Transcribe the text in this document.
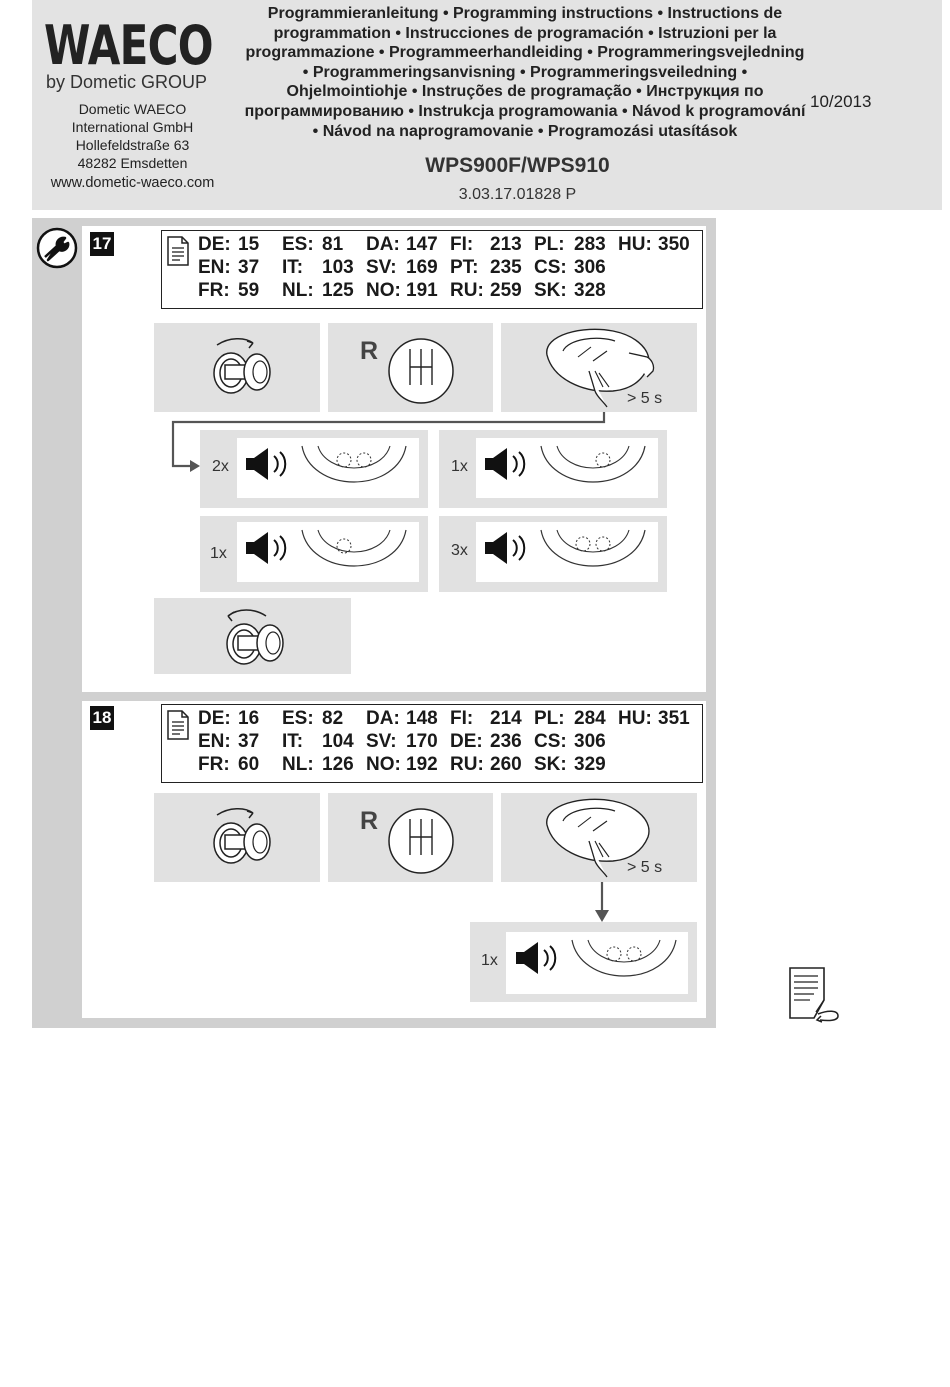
WAECO
by Dometic GROUP
Dometic WAECO
International GmbH
Hollefeldstraße 63
48282 Emsdetten
www.dometic-waeco.com
Programmieranleitung • Programming instructions • Instructions de
programmation • Instrucciones de programación • Istruzioni per la
programmazione • Programmeerhandleiding • Programmeringsvejledning
• Programmeringsanvisning • Programmeringsveiledning •
Ohjelmointiohje • Instruções de programação • Инструкция по
программированию • Instrukcja programowania • Návod k programování
• Návod na naprogramovanie • Programozási utasítások
WPS900F/WPS910
3.03.17.01828 P
10/2013
17	DE: 15 ES: 81 DA: 147 FI: 213 PL: 283 HU: 350
EN: 37 IT: 103 SV: 169 PT: 235 CS: 306
FR: 59 NL: 125 NO: 191 RU: 259 SK: 328
R
> 5 s
2x	1x
1x	3x
18	DE: 16 ES: 82 DA: 148 FI: 214 PL: 284 HU: 351
EN: 37 IT: 104 SV: 170 DE: 236 CS: 306
FR: 60 NL: 126 NO: 192 RU: 260 SK: 329
R
> 5 s
1x
